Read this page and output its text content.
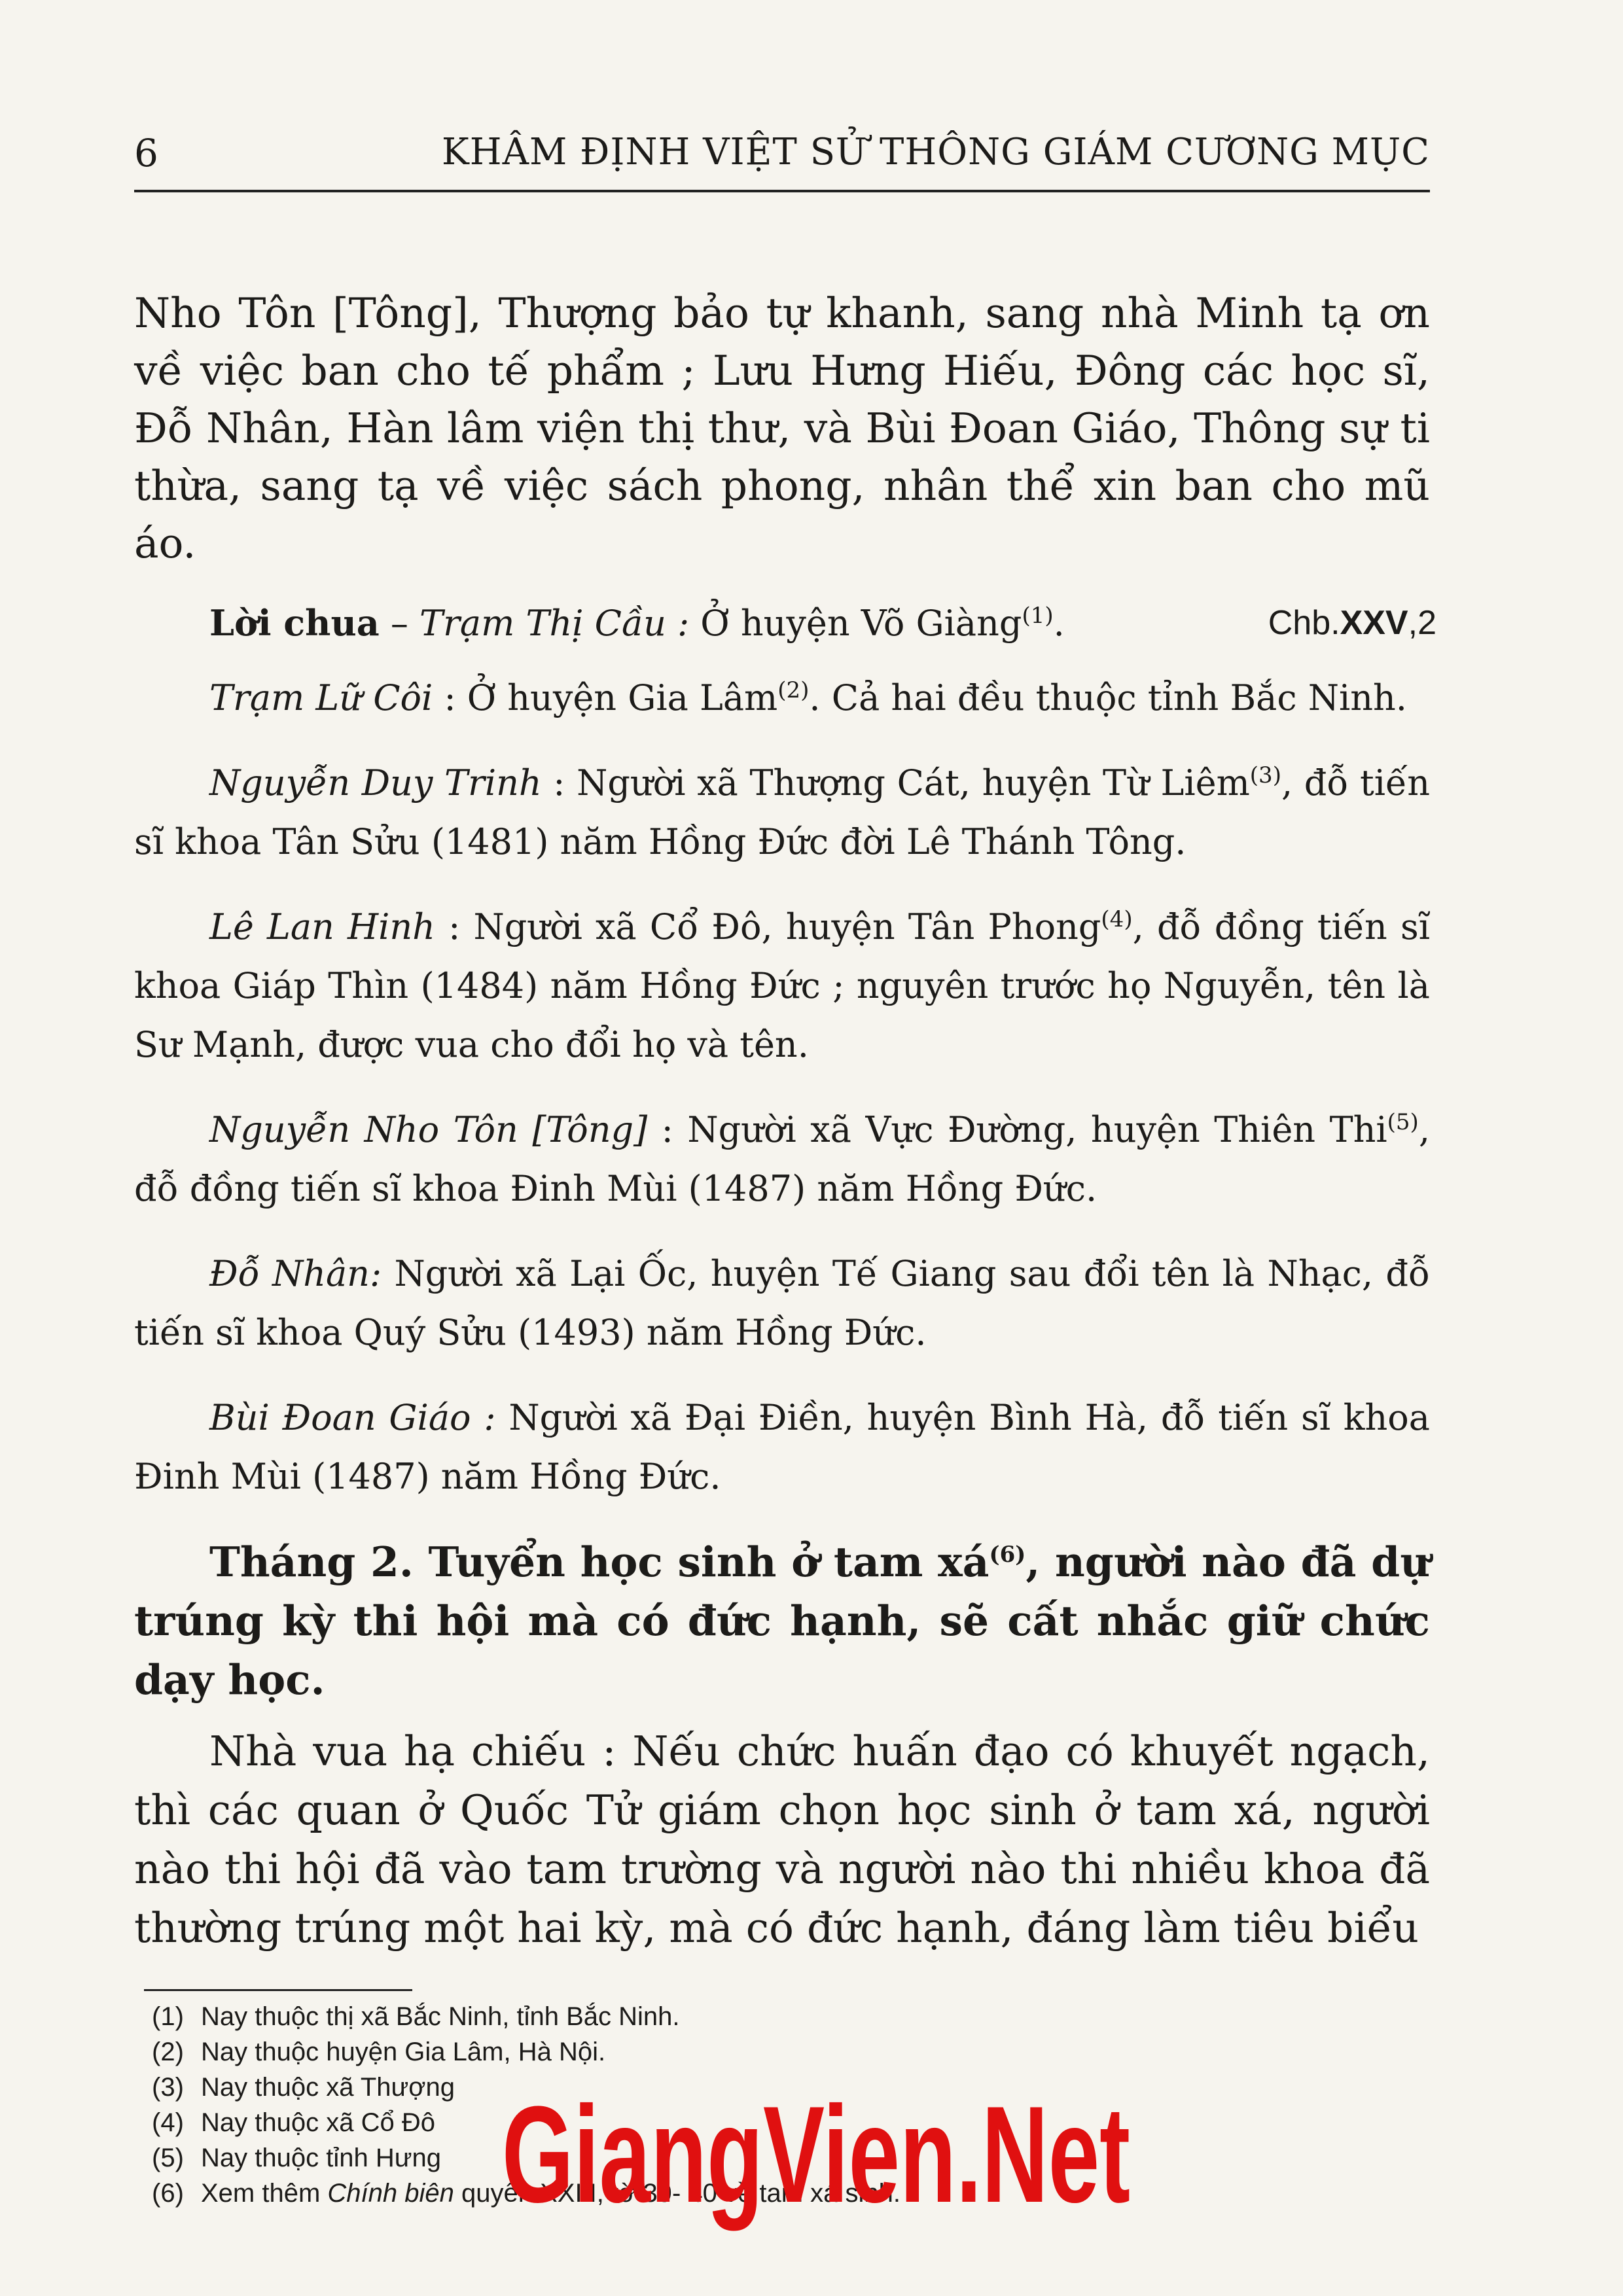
6	KHÂM ĐỊNH VIỆT SỬ THÔNG GIÁM CƯƠNG MỤC

Nho Tôn [Tông], Thượng bảo tự khanh, sang nhà Minh tạ ơn về việc ban cho tế phẩm ; Lưu Hưng Hiếu, Đông các học sĩ, Đỗ Nhân, Hàn lâm viện thị thư, và Bùi Đoan Giáo, Thông sự ti thừa, sang tạ về việc sách phong, nhân thể xin ban cho mũ áo.

Lời chua – Trạm Thị Cầu : Ở huyện Võ Giàng$^{(1)}$.	Chb.XXV,2

Trạm Lữ Côi : Ở huyện Gia Lâm$^{(2)}$. Cả hai đều thuộc tỉnh Bắc Ninh.

Nguyễn Duy Trinh : Người xã Thượng Cát, huyện Từ Liêm$^{(3)}$, đỗ tiến sĩ khoa Tân Sửu (1481) năm Hồng Đức đời Lê Thánh Tông.

Lê Lan Hinh : Người xã Cổ Đô, huyện Tân Phong$^{(4)}$, đỗ đồng tiến sĩ khoa Giáp Thìn (1484) năm Hồng Đức ; nguyên trước họ Nguyễn, tên là Sư Mạnh, được vua cho đổi họ và tên.

Nguyễn Nho Tôn [Tông] : Người xã Vực Đường, huyện Thiên Thi$^{(5)}$, đỗ đồng tiến sĩ khoa Đinh Mùi (1487) năm Hồng Đức.

Đỗ Nhân: Người xã Lại Ốc, huyện Tế Giang sau đổi tên là Nhạc, đỗ tiến sĩ khoa Quý Sửu (1493) năm Hồng Đức.

Bùi Đoan Giáo : Người xã Đại Điền, huyện Bình Hà, đỗ tiến sĩ khoa Đinh Mùi (1487) năm Hồng Đức.

Tháng 2. Tuyển học sinh ở tam $xá^{(6)}$, người nào đã dự trúng kỳ thi hội mà có đức hạnh, sẽ cất nhắc giữ chức dạy học.

Nhà vua hạ chiếu : Nếu chức huấn đạo có khuyết ngạch, thì các quan ở Quốc Tử giám chọn học sinh ở tam xá, người nào thi hội đã vào tam trường và người nào thi nhiều khoa đã thường trúng một hai kỳ, mà có đức hạnh, đáng làm tiêu biểu

(1) Nay thuộc thị xã Bắc Ninh, tỉnh Bắc Ninh.
(2) Nay thuộc huyện Gia Lâm, Hà Nội.
(3) Nay thuộc xã Thượng
(4) Nay thuộc xã Cổ Đô
(5) Nay thuộc tỉnh Hưng
(6) Xem thêm Chính biên quyển XXIII, tờ 39- 40 về tam xá sinh.
GiangVien.Net
